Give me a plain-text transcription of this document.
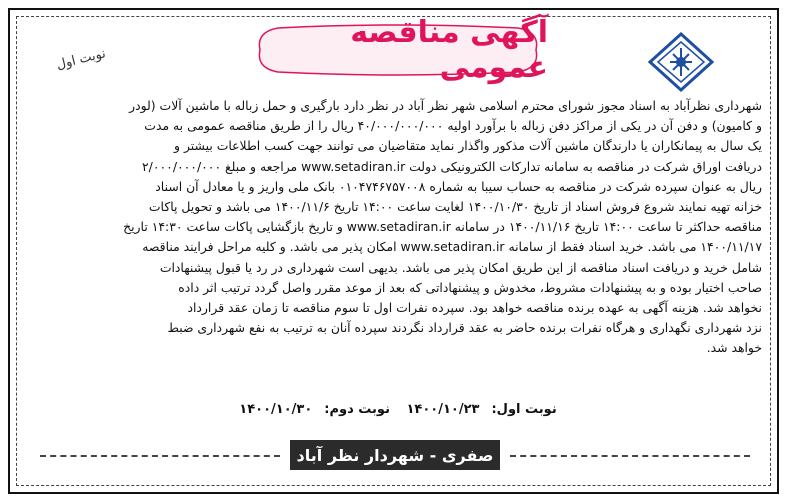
آگهی مناقصه عمومی
نوبت اول
شهرداری نظرآباد به اسناد مجوز شورای محترم اسلامی شهر نظر آباد در نظر دارد بارگیری و حمل زباله با ماشین آلات (لودر
و کامیون) و دفن آن در یکی از مراکز دفن زباله با برآورد اولیه ۴۰/۰۰۰/۰۰۰/۰۰۰ ریال را از طریق مناقصه عمومی به مدت
یک سال به پیمانکاران یا دارندگان ماشین آلات مذکور واگذار نماید متقاضیان می توانند جهت کسب اطلاعات بیشتر و
دریافت اوراق شرکت در مناقصه به سامانه تدارکات الکترونیکی دولت www.setadiran.ir مراجعه و مبلغ ۲/۰۰۰/۰۰۰/۰۰۰
ریال به عنوان سپرده شرکت در مناقصه به حساب سیبا به شماره ۰۱۰۴۷۴۶۷۵۷۰۰۸ بانک ملی واریز و یا معادل آن اسناد
خزانه تهیه نمایند شروع فروش اسناد از تاریخ ۱۴۰۰/۱۰/۳۰ لغایت ساعت ۱۴:۰۰ تاریخ ۱۴۰۰/۱۱/۶ می باشد و تحویل پاکات
مناقصه حداکثر تا ساعت ۱۴:۰۰ تاریخ ۱۴۰۰/۱۱/۱۶ در سامانه www.setadiran.ir و تاریخ بازگشایی پاکات ساعت ۱۴:۳۰ تاریخ
۱۴۰۰/۱۱/۱۷ می باشد. خرید اسناد فقط از سامانه www.setadiran.ir امکان پذیر می باشد. و کلیه مراحل فرایند مناقصه
شامل خرید و دریافت اسناد مناقصه از این طریق امکان پذیر می باشد. بدیهی است شهرداری در رد یا قبول پیشنهادات
صاحب اختیار بوده و به پیشنهادات مشروط، مخدوش و پیشنهاداتی که بعد از موعد مقرر واصل گردد ترتیب اثر داده
نخواهد شد. هزینه آگهی به عهده برنده مناقصه خواهد بود. سپرده نفرات اول تا سوم مناقصه تا زمان عقد قرارداد
نزد شهرداری نگهداری و هرگاه نفرات برنده حاضر به عقد قرارداد نگردند سپرده آنان به ترتیب به نفع شهرداری ضبط
خواهد شد.
نوبت اول:۱۴۰۰/۱۰/۲۳ نوبت دوم:۱۴۰۰/۱۰/۳۰
صفری - شهردار نظر آباد
